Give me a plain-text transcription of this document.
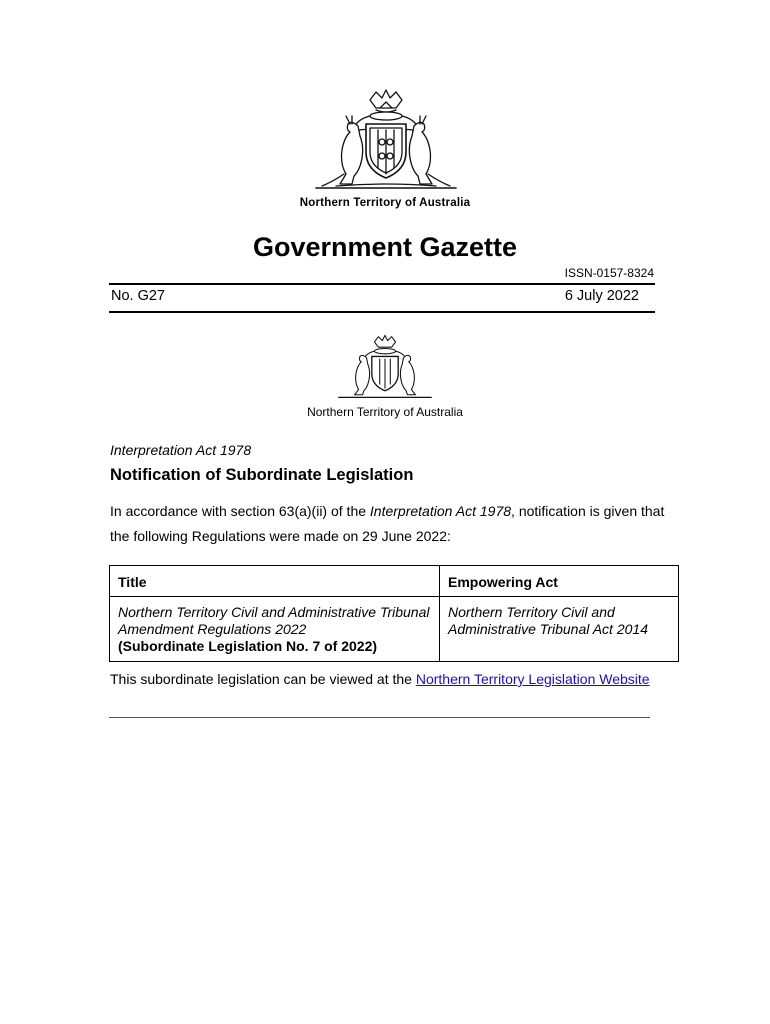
Northern Territory of Australia
Government Gazette
ISSN-0157-8324
No. G27	6 July 2022
Northern Territory of Australia
Interpretation Act 1978
Notification of Subordinate Legislation
In accordance with section 63(a)(ii) of the Interpretation Act 1978, notification is given that the following Regulations were made on 29 June 2022:
Title	Empowering Act

Northern Territory Civil and Administrative Tribunal Amendment Regulations 2022
(Subordinate Legislation No. 7 of 2022)	Northern Territory Civil and Administrative Tribunal Act 2014
This subordinate legislation can be viewed at the Northern Territory Legislation Website
